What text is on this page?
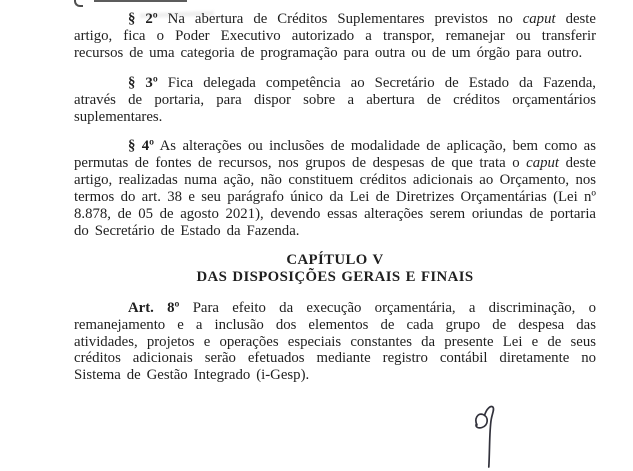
§ 2º Na abertura de Créditos Suplementares previstos no caput deste artigo, fica o Poder Executivo autorizado a transpor, remanejar ou transferir recursos de uma categoria de programação para outra ou de um órgão para outro.

§ 3º Fica delegada competência ao Secretário de Estado da Fazenda, através de portaria, para dispor sobre a abertura de créditos orçamentários suplementares.

§ 4º As alterações ou inclusões de modalidade de aplicação, bem como as permutas de fontes de recursos, nos grupos de despesas de que trata o caput deste artigo, realizadas numa ação, não constituem créditos adicionais ao Orçamento, nos termos do art. 38 e seu parágrafo único da Lei de Diretrizes Orçamentárias (Lei nº 8.878, de 05 de agosto 2021), devendo essas alterações serem oriundas de portaria do Secretário de Estado da Fazenda.

CAPÍTULO V
DAS DISPOSIÇÕES GERAIS E FINAIS

Art. 8º Para efeito da execução orçamentária, a discriminação, o remanejamento e a inclusão dos elementos de cada grupo de despesa das atividades, projetos e operações especiais constantes da presente Lei e de seus créditos adicionais serão efetuados mediante registro contábil diretamente no Sistema de Gestão Integrado (i-Gesp).
